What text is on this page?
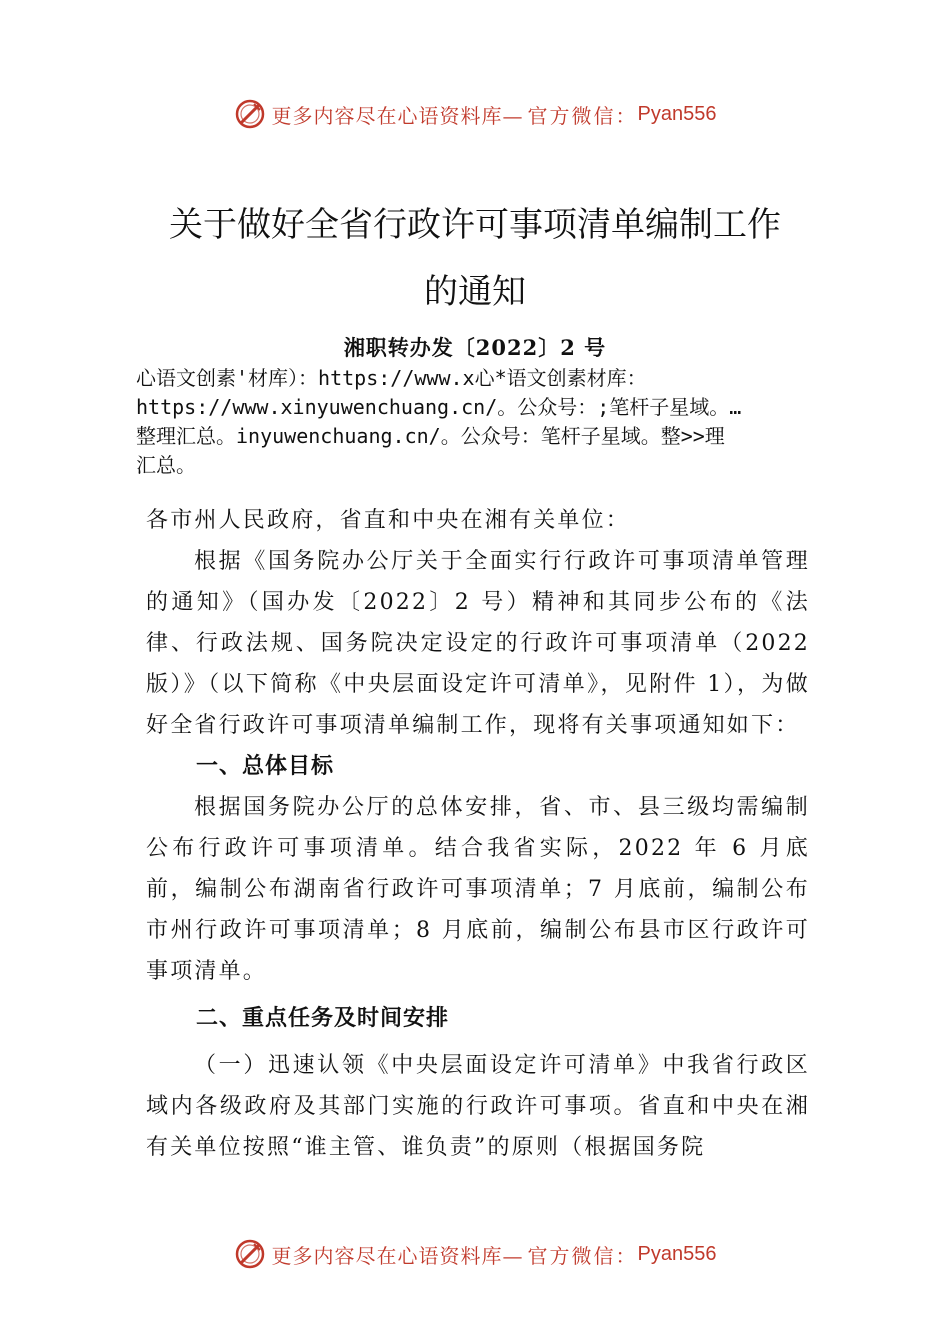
更多内容尽在心语资料库— 官方微信： Pyan556
关于做好全省行政许可事项清单编制工作
的通知
湘职转办发〔2022〕2 号
心语文创素'材库）：https://www.x心*语文创素材库：
https://www.xinyuwenchuang.cn/。公众号：;笔杆子星域。…
整理汇总。inyuwenchuang.cn/。公众号：笔杆子星域。整>>理
汇总。

各市州人民政府，省直和中央在湘有关单位：

根据《国务院办公厅关于全面实行行政许可事项清单管理的通知》（国办发〔2022〕2 号）精神和其同步公布的《法律、行政法规、国务院决定设定的行政许可事项清单（2022 版）》（以下简称《中央层面设定许可清单》，见附件 1），为做好全省行政许可事项清单编制工作，现将有关事项通知如下：

一、总体目标

根据国务院办公厅的总体安排，省、市、县三级均需编制公布行政许可事项清单。结合我省实际，2022 年 6 月底前，编制公布湖南省行政许可事项清单；7 月底前，编制公布市州行政许可事项清单；8 月底前，编制公布县市区行政许可事项清单。

二、重点任务及时间安排

（一）迅速认领《中央层面设定许可清单》中我省行政区域内各级政府及其部门实施的行政许可事项。省直和中央在湘有关单位按照“谁主管、谁负责”的原则（根据国务院

更多内容尽在心语资料库— 官方微信： Pyan556
